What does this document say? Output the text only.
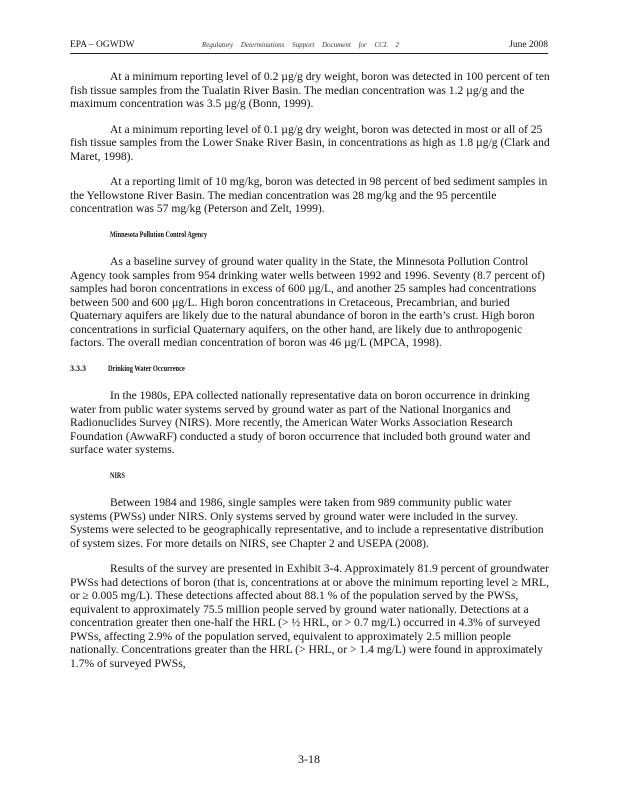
EPA – OGWDW	Regulatory Determinations Support Document for CCL 2	June 2008

At a minimum reporting level of 0.2 µg/g dry weight, boron was detected in 100 percent of ten fish tissue samples from the Tualatin River Basin. The median concentration was 1.2 µg/g and the maximum concentration was 3.5 µg/g (Bonn, 1999).

At a minimum reporting level of 0.1 µg/g dry weight, boron was detected in most or all of 25 fish tissue samples from the Lower Snake River Basin, in concentrations as high as 1.8 µg/g (Clark and Maret, 1998).

At a reporting limit of 10 mg/kg, boron was detected in 98 percent of bed sediment samples in the Yellowstone River Basin. The median concentration was 28 mg/kg and the 95 percentile concentration was 57 mg/kg (Peterson and Zelt, 1999).

Minnesota Pollution Control Agency

As a baseline survey of ground water quality in the State, the Minnesota Pollution Control Agency took samples from 954 drinking water wells between 1992 and 1996. Seventy (8.7 percent of) samples had boron concentrations in excess of 600 µg/L, and another 25 samples had concentrations between 500 and 600 µg/L. High boron concentrations in Cretaceous, Precambrian, and buried Quaternary aquifers are likely due to the natural abundance of boron in the earth’s crust. High boron concentrations in surficial Quaternary aquifers, on the other hand, are likely due to anthropogenic factors. The overall median concentration of boron was 46 µg/L (MPCA, 1998).

3.3.3	Drinking Water Occurrence

In the 1980s, EPA collected nationally representative data on boron occurrence in drinking water from public water systems served by ground water as part of the National Inorganics and Radionuclides Survey (NIRS). More recently, the American Water Works Association Research Foundation (AwwaRF) conducted a study of boron occurrence that included both ground water and surface water systems.

NIRS

Between 1984 and 1986, single samples were taken from 989 community public water systems (PWSs) under NIRS. Only systems served by ground water were included in the survey. Systems were selected to be geographically representative, and to include a representative distribution of system sizes. For more details on NIRS, see Chapter 2 and USEPA (2008).

Results of the survey are presented in Exhibit 3-4. Approximately 81.9 percent of groundwater PWSs had detections of boron (that is, concentrations at or above the minimum reporting level ≥ MRL, or ≥ 0.005 mg/L). These detections affected about 88.1 % of the population served by the PWSs, equivalent to approximately 75.5 million people served by ground water nationally. Detections at a concentration greater then one-half the HRL (> ½ HRL, or > 0.7 mg/L) occurred in 4.3% of surveyed PWSs, affecting 2.9% of the population served, equivalent to approximately 2.5 million people nationally. Concentrations greater than the HRL (> HRL, or > 1.4 mg/L) were found in approximately 1.7% of surveyed PWSs,

3-18
